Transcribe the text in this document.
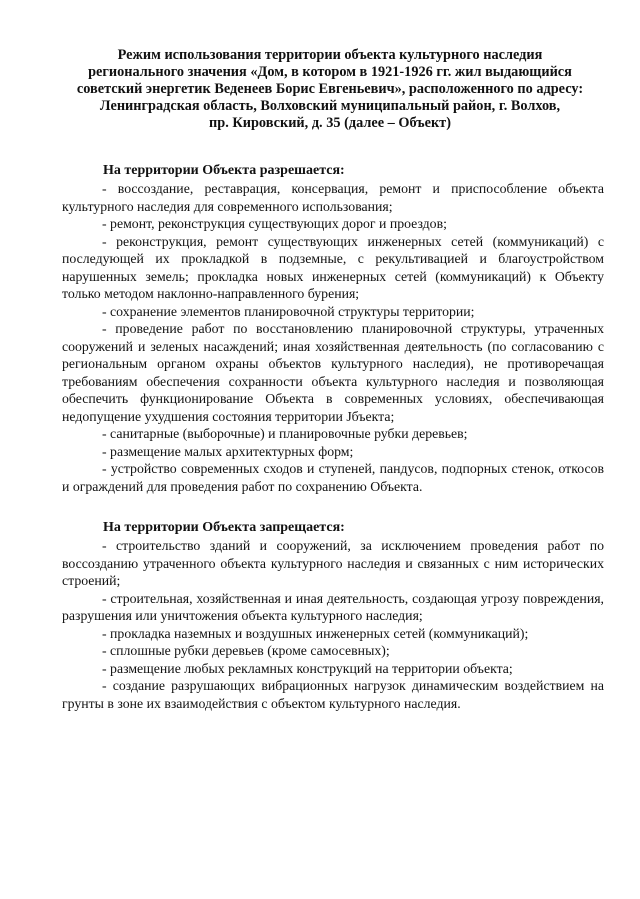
Режим использования территории объекта культурного наследия
регионального значения «Дом, в котором в 1921-1926 гг. жил выдающийся
советский энергетик Веденеев Борис Евгеньевич», расположенного по адресу:
Ленинградская область, Волховский муниципальный район, г. Волхов,
пр. Кировский, д. 35 (далее – Объект)
На территории Объекта разрешается:
- воссоздание, реставрация, консервация, ремонт и приспособление объекта культурного наследия для современного использования;
- ремонт, реконструкция существующих дорог и проездов;
- реконструкция, ремонт существующих инженерных сетей (коммуникаций) с последующей их прокладкой в подземные, с рекультивацией и благоустройством нарушенных земель; прокладка новых инженерных сетей (коммуникаций) к Объекту только методом наклонно-направленного бурения;
- сохранение элементов планировочной структуры территории;
- проведение работ по восстановлению планировочной структуры, утраченных сооружений и зеленых насаждений; иная хозяйственная деятельность (по согласованию с региональным органом охраны объектов культурного наследия), не противоречащая требованиям обеспечения сохранности объекта культурного наследия и позволяющая обеспечить функционирование Объекта в современных условиях, обеспечивающая недопущение ухудшения состояния территории Jбъекта;
- санитарные (выборочные) и планировочные рубки деревьев;
- размещение малых архитектурных форм;
- устройство современных сходов и ступеней, пандусов, подпорных стенок, откосов и ограждений для проведения работ по сохранению Объекта.
На территории Объекта запрещается:
- строительство зданий и сооружений, за исключением проведения работ по воссозданию утраченного объекта культурного наследия и связанных с ним исторических строений;
- строительная, хозяйственная и иная деятельность, создающая угрозу повреждения, разрушения или уничтожения объекта культурного наследия;
- прокладка наземных и воздушных инженерных сетей (коммуникаций);
- сплошные рубки деревьев (кроме самосевных);
- размещение любых рекламных конструкций на территории объекта;
- создание разрушающих вибрационных нагрузок динамическим воздействием на грунты в зоне их взаимодействия с объектом культурного наследия.
